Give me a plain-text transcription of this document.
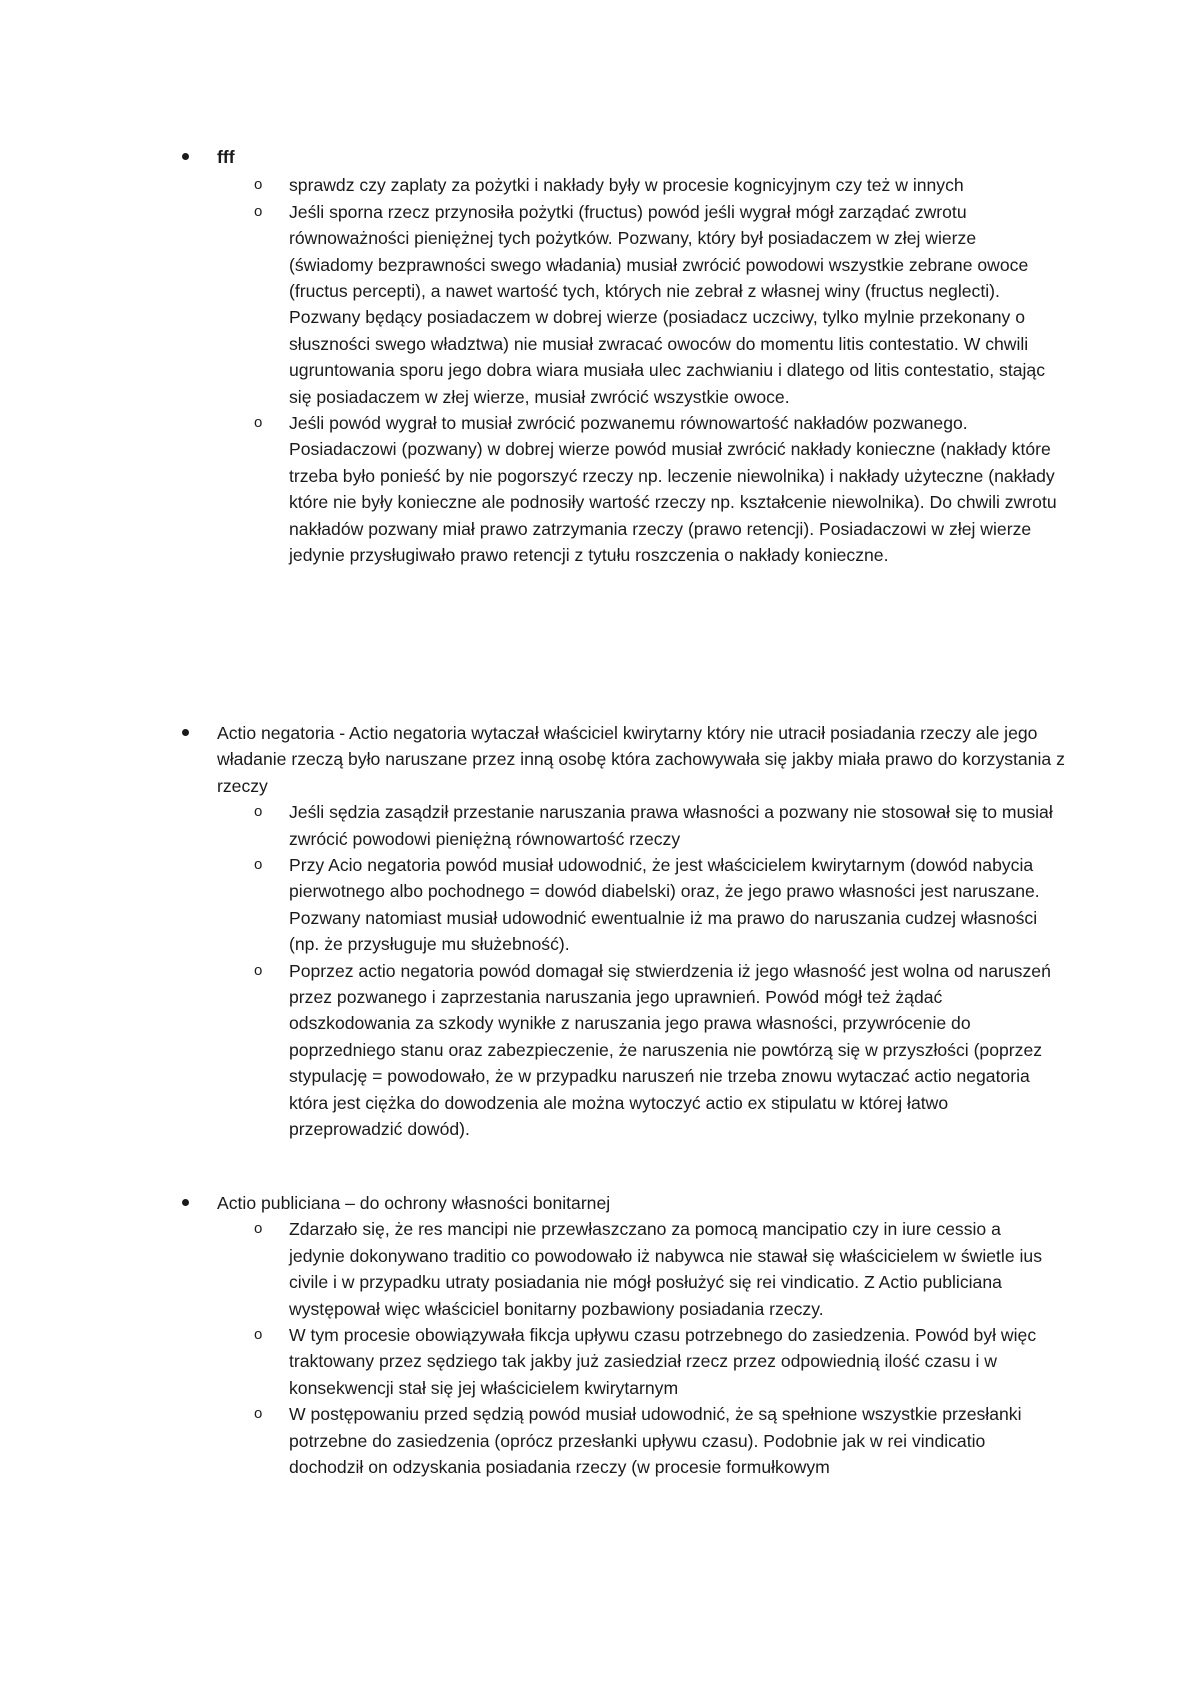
fff
o sprawdz czy zaplaty za pożytki i nakłady były w procesie kognicyjnym czy też w innych
o Jeśli sporna rzecz przynosiła pożytki (fructus) powód jeśli wygrał mógł zarządać zwrotu równoważności pieniężnej tych pożytków. Pozwany, który był posiadaczem w złej wierze (świadomy bezprawności swego władania) musiał zwrócić powodowi wszystkie zebrane owoce (fructus percepti), a nawet wartość tych, których nie zebrał z własnej winy (fructus neglecti). Pozwany będący posiadaczem w dobrej wierze (posiadacz uczciwy, tylko mylnie przekonany o słuszności swego władztwa) nie musiał zwracać owoców do momentu litis contestatio. W chwili ugruntowania sporu jego dobra wiara musiała ulec zachwianiu i dlatego od litis contestatio, stając się posiadaczem w złej wierze, musiał zwrócić wszystkie owoce.
o Jeśli powód wygrał to musiał zwrócić pozwanemu równowartość nakładów pozwanego. Posiadaczowi (pozwany) w dobrej wierze powód musiał zwrócić nakłady konieczne (nakłady które trzeba było ponieść by nie pogorszyć rzeczy np. leczenie niewolnika) i nakłady użyteczne (nakłady które nie były konieczne ale podnosiły wartość rzeczy np. kształcenie niewolnika). Do chwili zwrotu nakładów pozwany miał prawo zatrzymania rzeczy (prawo retencji). Posiadaczowi w złej wierze jedynie przysługiwało prawo retencji z tytułu roszczenia o nakłady konieczne.
Actio negatoria - Actio negatoria wytaczał właściciel kwirytarny który nie utracił posiadania rzeczy ale jego władanie rzeczą było naruszane przez inną osobę która zachowywała się jakby miała prawo do korzystania z rzeczy
o Jeśli sędzia zasądził przestanie naruszania prawa własności a pozwany nie stosował się to musiał zwrócić powodowi pieniężną równowartość rzeczy
o Przy Acio negatoria powód musiał udowodnić, że jest właścicielem kwirytarnym (dowód nabycia pierwotnego albo pochodnego = dowód diabelski) oraz, że jego prawo własności jest naruszane. Pozwany natomiast musiał udowodnić ewentualnie iż ma prawo do naruszania cudzej własności (np. że przysługuje mu służebność).
o Poprzez actio negatoria powód domagał się stwierdzenia iż jego własność jest wolna od naruszeń przez pozwanego i zaprzestania naruszania jego uprawnień. Powód mógł też żądać odszkodowania za szkody wynikłe z naruszania jego prawa własności, przywrócenie do poprzedniego stanu oraz zabezpieczenie, że naruszenia nie powtórzą się w przyszłości (poprzez stypulację = powodowało, że w przypadku naruszeń nie trzeba znowu wytaczać actio negatoria która jest ciężka do dowodzenia ale można wytoczyć actio ex stipulatu w której łatwo przeprowadzić dowód).
Actio publiciana – do ochrony własności bonitarnej
o Zdarzało się, że res mancipi nie przewłaszczano za pomocą mancipatio czy in iure cessio a jedynie dokonywano traditio co powodowało iż nabywca nie stawał się właścicielem w świetle ius civile i w przypadku utraty posiadania nie mógł posłużyć się rei vindicatio. Z Actio publiciana występował więc właściciel bonitarny pozbawiony posiadania rzeczy.
o W tym procesie obowiązywała fikcja upływu czasu potrzebnego do zasiedzenia. Powód był więc traktowany przez sędziego tak jakby już zasiedział rzecz przez odpowiednią ilość czasu i w konsekwencji stał się jej właścicielem kwirytarnym
o W postępowaniu przed sędzią powód musiał udowodnić, że są spełnione wszystkie przesłanki potrzebne do zasiedzenia (oprócz przesłanki upływu czasu). Podobnie jak w rei vindicatio dochodził on odzyskania posiadania rzeczy (w procesie formułkowym
